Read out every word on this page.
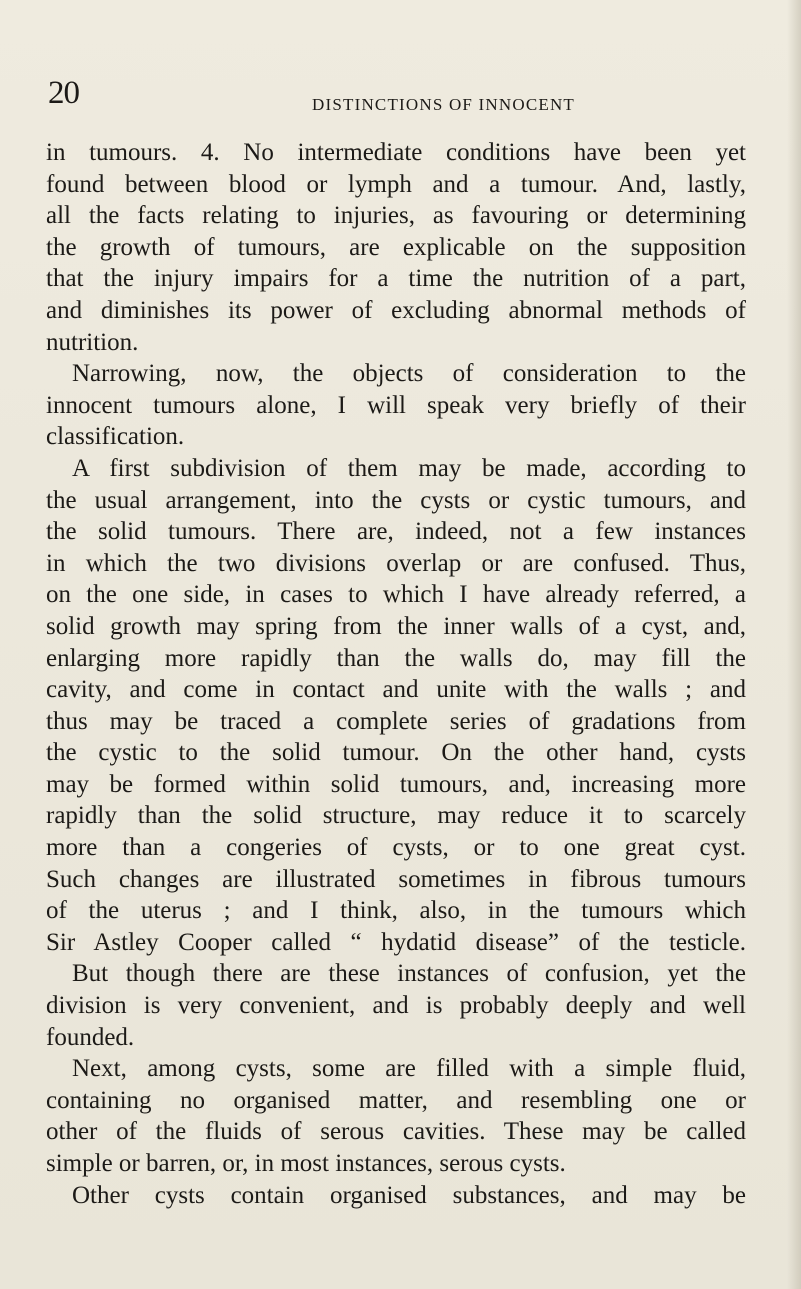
20	DISTINCTIONS OF INNOCENT
in tumours. 4. No intermediate conditions have been yet
found between blood or lymph and a tumour. And, lastly,
all the facts relating to injuries, as favouring or determining
the growth of tumours, are explicable on the supposition
that the injury impairs for a time the nutrition of a part,
and diminishes its power of excluding abnormal methods of
nutrition.
Narrowing, now, the objects of consideration to the
innocent tumours alone, I will speak very briefly of their
classification.
A first subdivision of them may be made, according to
the usual arrangement, into the cysts or cystic tumours, and
the solid tumours. There are, indeed, not a few instances
in which the two divisions overlap or are confused. Thus,
on the one side, in cases to which I have already referred, a
solid growth may spring from the inner walls of a cyst, and,
enlarging more rapidly than the walls do, may fill the
cavity, and come in contact and unite with the walls ; and
thus may be traced a complete series of gradations from
the cystic to the solid tumour. On the other hand, cysts
may be formed within solid tumours, and, increasing more
rapidly than the solid structure, may reduce it to scarcely
more than a congeries of cysts, or to one great cyst.
Such changes are illustrated sometimes in fibrous tumours
of the uterus ; and I think, also, in the tumours which
Sir Astley Cooper called “ hydatid disease” of the testicle.
But though there are these instances of confusion, yet the
division is very convenient, and is probably deeply and well
founded.
Next, among cysts, some are filled with a simple fluid,
containing no organised matter, and resembling one or
other of the fluids of serous cavities. These may be called
simple or barren, or, in most instances, serous cysts.
Other cysts contain organised substances, and may be
